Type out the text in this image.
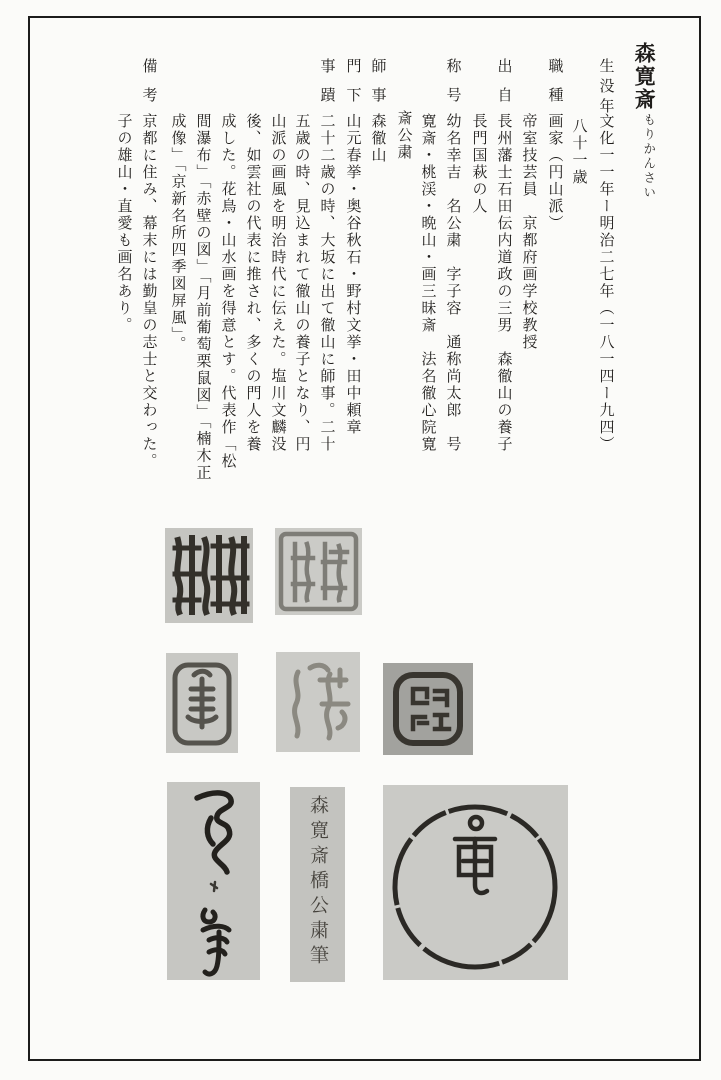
森寛斎
もりかんさい
生没年
文化一一年ー明治二七年（一八一四ー九四）
八十一歳
職種
画家（円山派）
帝室技芸員　京都府画学校教授
出自
長州藩士石田伝内道政の三男　森徹山の養子
長門国萩の人
称号
幼名幸吉　名公粛　字子容　通称尚太郎　号
寛斎・桃渓・晩山・画三昧斎　法名徹心院寛
斎公粛
師事
森徹山
門下
山元春挙・奥谷秋石・野村文挙・田中頼章
事蹟
二十二歳の時、大坂に出て徹山に師事。二十
五歳の時、見込まれて徹山の養子となり、円
山派の画風を明治時代に伝えた。塩川文麟没
後、如雲社の代表に推され、多くの門人を養
成した。花鳥・山水画を得意とす。代表作「松
間瀑布」「赤壁の図」「月前葡萄栗鼠図」「楠木正
成像」「京新名所四季図屏風」。
備考
京都に住み、幕末には勤皇の志士と交わった。
子の雄山・直愛も画名あり。
森寛斎橋公粛筆
